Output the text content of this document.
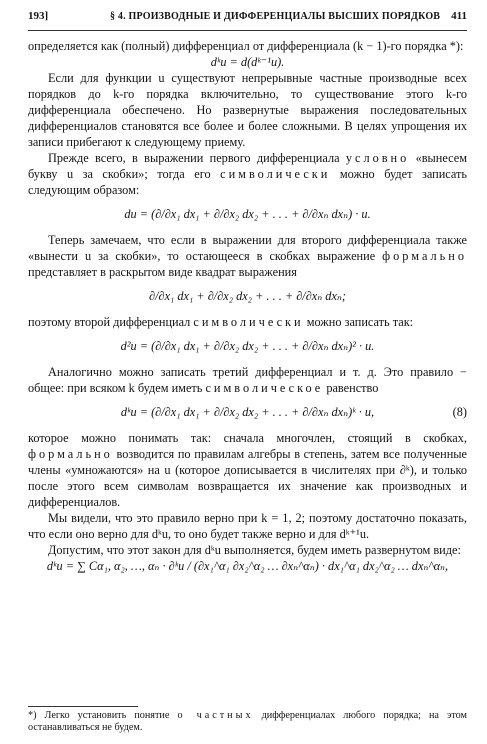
193]	§ 4. ПРОИЗВОДНЫЕ И ДИФФЕРЕНЦИАЛЫ ВЫСШИХ ПОРЯДКОВ 411

определяется как (полный) дифференциал от дифференциала (k − 1)-го порядка *):

dᵏu = d(dᵏ⁻¹u).

Если для функции u существуют непрерывные частные производные всех порядков до k-го порядка включительно, то существование этого k-го дифференциала обеспечено. Но развернутые выражения последовательных дифференциалов становятся все более и более сложными. В целях упрощения их записи прибегают к следующему приему.

Прежде всего, в выражении первого дифференциала условно «вынесем букву u за скобки»; тогда его символически можно будет записать следующим образом:

du = (∂/∂x₁ dx₁ + ∂/∂x₂ dx₂ + . . . + ∂/∂xₙ dxₙ) · u.

Теперь замечаем, что если в выражении для второго дифференциала также «вынести u за скобки», то остающееся в скобках выражение формально представляет в раскрытом виде квадрат выражения

∂/∂x₁ dx₁ + ∂/∂x₂ dx₂ + . . . + ∂/∂xₙ dxₙ;

поэтому второй дифференциал символически можно записать так:

d²u = (∂/∂x₁ dx₁ + ∂/∂x₂ dx₂ + . . . + ∂/∂xₙ dxₙ)² · u.

Аналогично можно записать третий дифференциал и т. д. Это правило − общее: при всяком k будем иметь символическое равенство

dᵏu = (∂/∂x₁ dx₁ + ∂/∂x₂ dx₂ + . . . + ∂/∂xₙ dxₙ)ᵏ · u,	(8)

которое можно понимать так: сначала многочлен, стоящий в скобках, формально возводится по правилам алгебры в степень, затем все полученные члены «умножаются» на u (которое дописывается в числителях при ∂ᵏ), и только после этого всем символам возвращается их значение как производных и дифференциалов.

Мы видели, что это правило верно при k = 1, 2; поэтому достаточно показать, что если оно верно для dᵏu, то оно будет также верно и для dᵏ⁺¹u.

Допустим, что этот закон для dᵏu выполняется, будем иметь развернутом виде:

dᵏu = ∑ Cα₁, α₂, …, αₙ · ∂ᵏu / (∂x₁^α₁ ∂x₂^α₂ … ∂xₙ^αₙ) · dx₁^α₁ dx₂^α₂ … dxₙ^αₙ,

*) Легко установить понятие о частных дифференциалах любого порядка; на этом останавливаться не будем.
